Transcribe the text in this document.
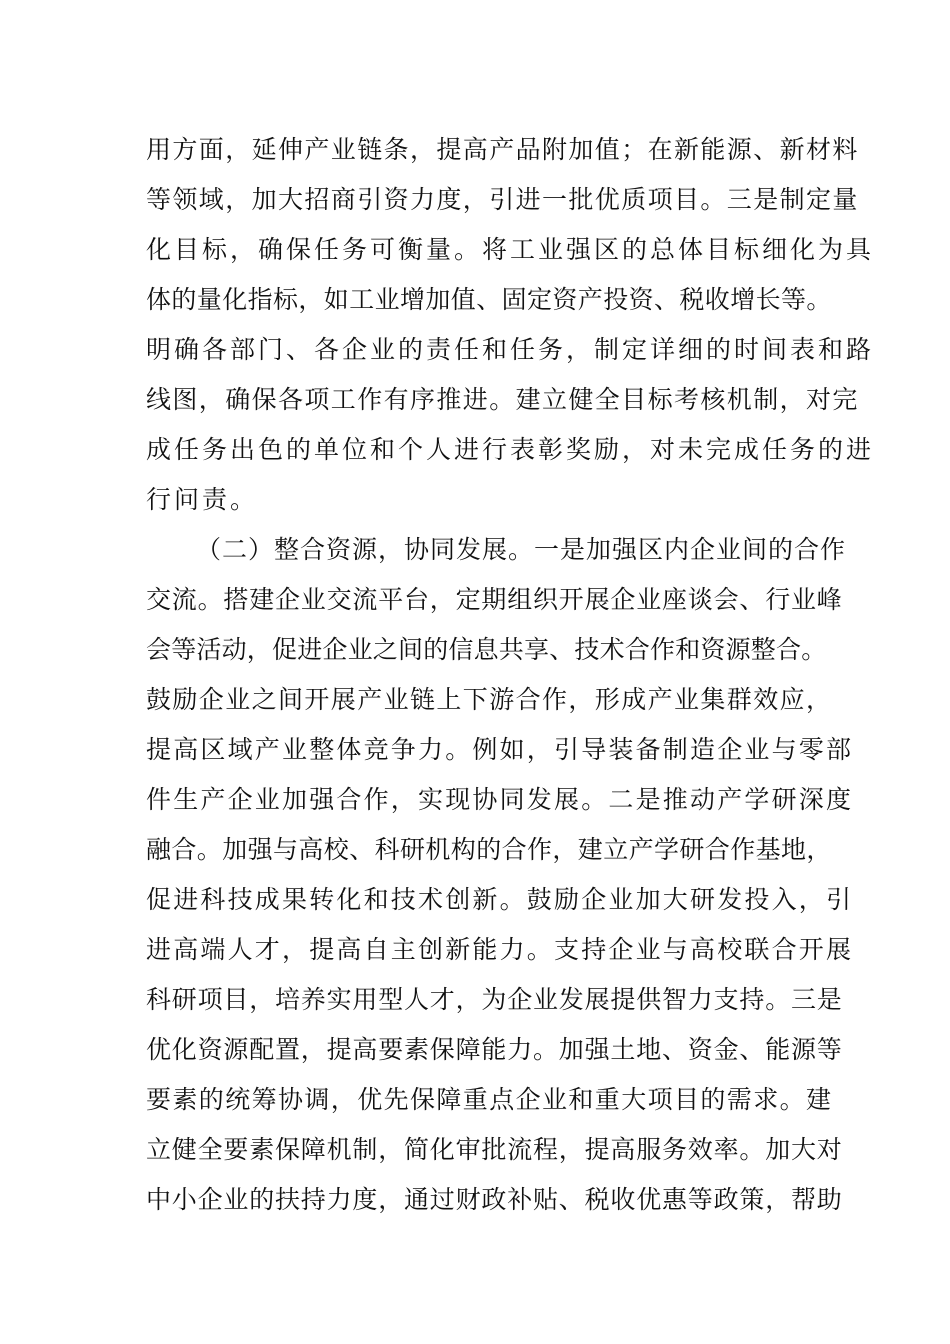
用方面，延伸产业链条，提高产品附加值；在新能源、新材料
等领域，加大招商引资力度，引进一批优质项目。三是制定量
化目标，确保任务可衡量。将工业强区的总体目标细化为具
体的量化指标，如工业增加值、固定资产投资、税收增长等。
明确各部门、各企业的责任和任务，制定详细的时间表和路
线图，确保各项工作有序推进。建立健全目标考核机制，对完
成任务出色的单位和个人进行表彰奖励，对未完成任务的进
行问责。
（二）整合资源，协同发展。一是加强区内企业间的合作
交流。搭建企业交流平台，定期组织开展企业座谈会、行业峰
会等活动，促进企业之间的信息共享、技术合作和资源整合。
鼓励企业之间开展产业链上下游合作，形成产业集群效应，
提高区域产业整体竞争力。例如，引导装备制造企业与零部
件生产企业加强合作，实现协同发展。二是推动产学研深度
融合。加强与高校、科研机构的合作，建立产学研合作基地，
促进科技成果转化和技术创新。鼓励企业加大研发投入，引
进高端人才，提高自主创新能力。支持企业与高校联合开展
科研项目，培养实用型人才，为企业发展提供智力支持。三是
优化资源配置，提高要素保障能力。加强土地、资金、能源等
要素的统筹协调，优先保障重点企业和重大项目的需求。建
立健全要素保障机制，简化审批流程，提高服务效率。加大对
中小企业的扶持力度，通过财政补贴、税收优惠等政策，帮助
